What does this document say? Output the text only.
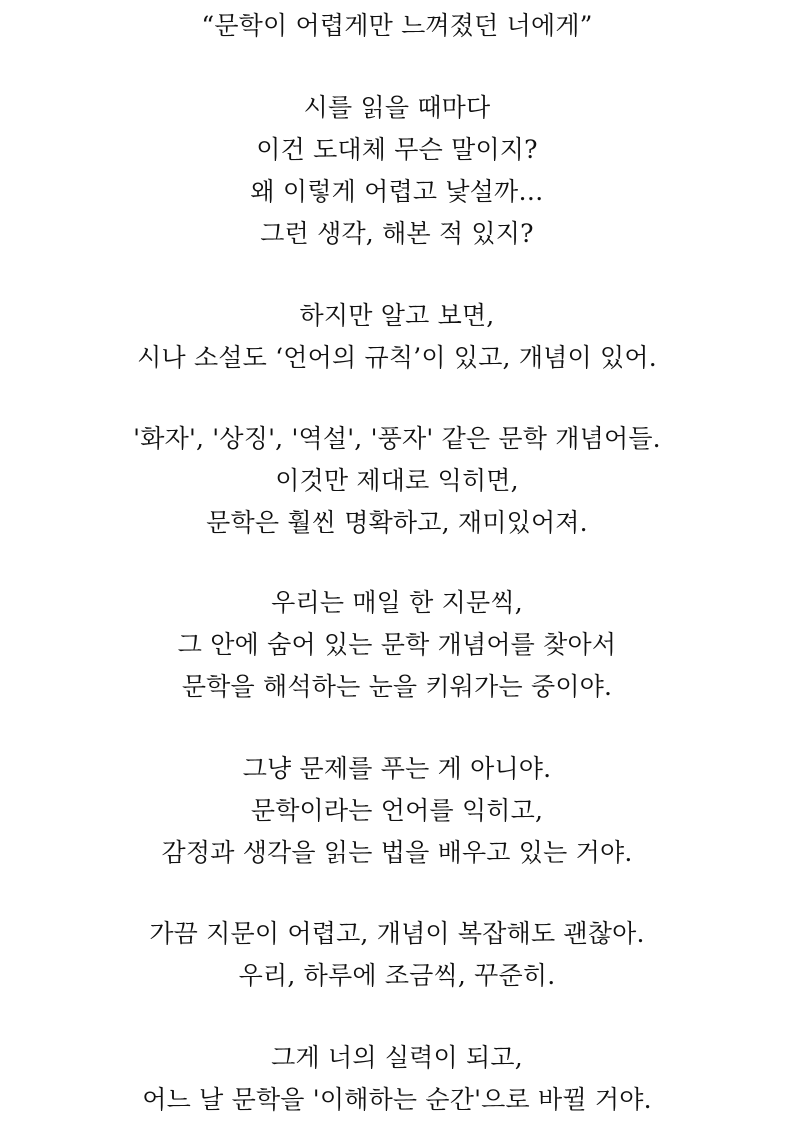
“문학이 어렵게만 느껴졌던 너에게”
시를 읽을 때마다
이건 도대체 무슨 말이지?
왜 이렇게 어렵고 낯설까…
그런 생각, 해본 적 있지?
하지만 알고 보면,
시나 소설도 ‘언어의 규칙’이 있고, 개념이 있어.
'화자', '상징', '역설', '풍자' 같은 문학 개념어들.
이것만 제대로 익히면,
문학은 훨씬 명확하고, 재미있어져.
우리는 매일 한 지문씩,
그 안에 숨어 있는 문학 개념어를 찾아서
문학을 해석하는 눈을 키워가는 중이야.
그냥 문제를 푸는 게 아니야.
문학이라는 언어를 익히고,
감정과 생각을 읽는 법을 배우고 있는 거야.
가끔 지문이 어렵고, 개념이 복잡해도 괜찮아.
우리, 하루에 조금씩, 꾸준히.
그게 너의 실력이 되고,
어느 날 문학을 '이해하는 순간'으로 바뀔 거야.
